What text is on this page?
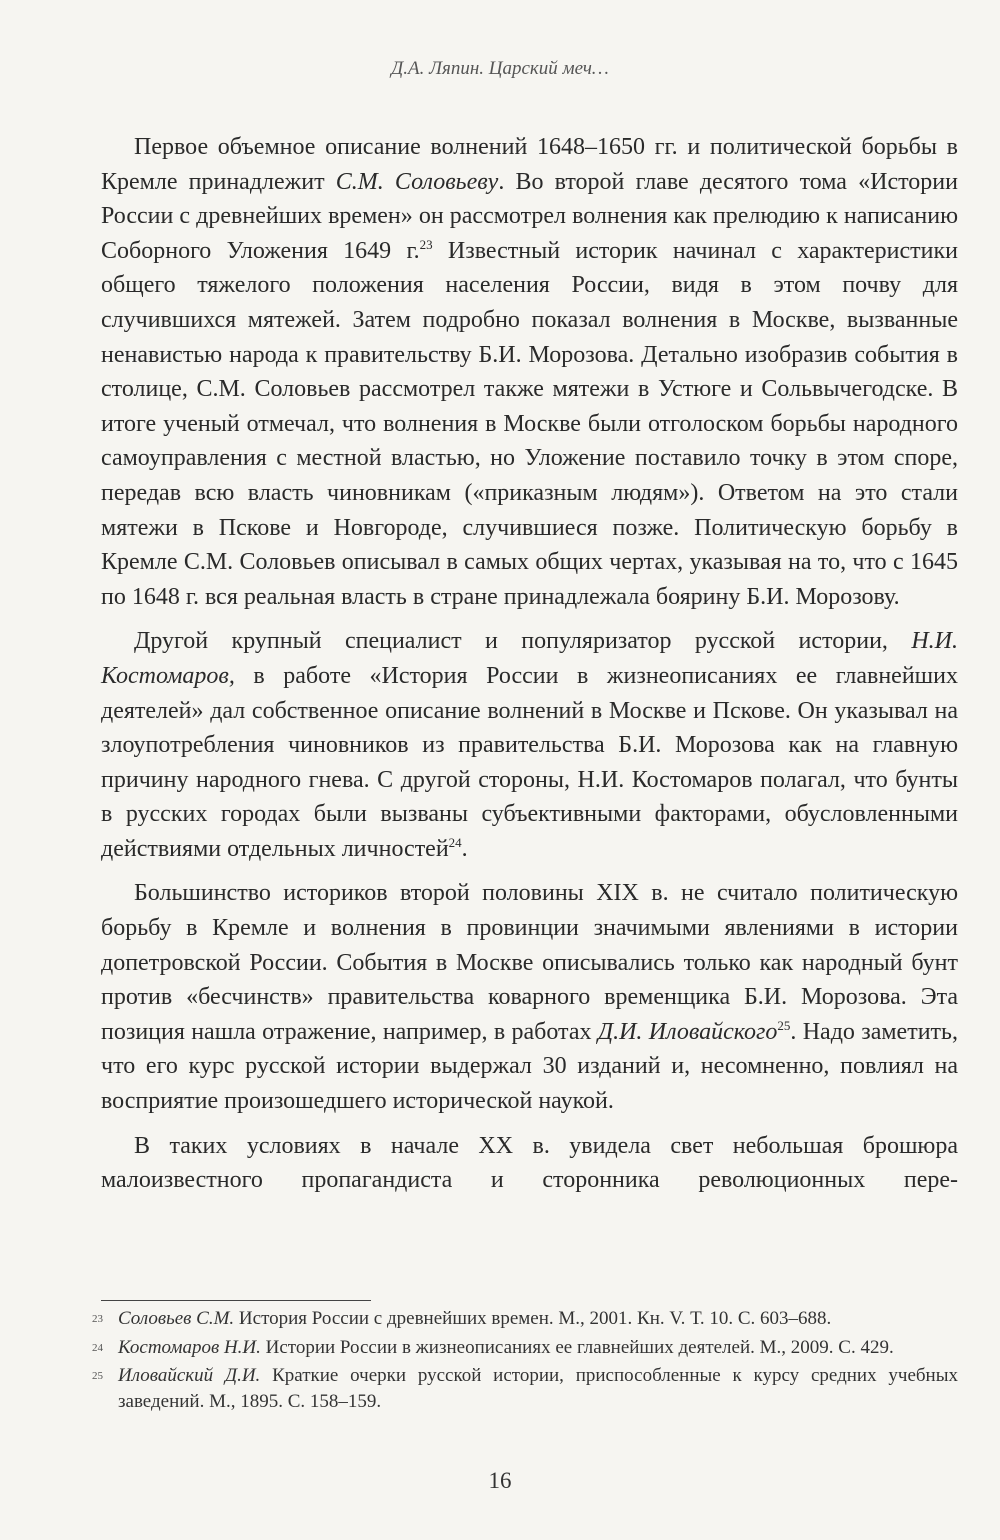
Д.А. Ляпин. Царский меч…

Первое объемное описание волнений 1648–1650 гг. и политической борьбы в Кремле принадлежит С.М. Соловьеву. Во второй главе десятого тома «Истории России с древнейших времен» он рассмотрел волнения как прелюдию к написанию Соборного Уложения 1649 г.$^{23}$ Известный историк начинал с характеристики общего тяжелого положения населения России, видя в этом почву для случившихся мятежей. Затем подробно показал волнения в Москве, вызванные ненавистью народа к правительству Б.И. Морозова. Детально изобразив события в столице, С.М. Соловьев рассмотрел также мятежи в Устюге и Сольвычегодске. В итоге ученый отмечал, что волнения в Москве были отголоском борьбы народного самоуправления с местной властью, но Уложение поставило точку в этом споре, передав всю власть чиновникам («приказным людям»). Ответом на это стали мятежи в Пскове и Новгороде, случившиеся позже. Политическую борьбу в Кремле С.М. Соловьев описывал в самых общих чертах, указывая на то, что с 1645 по 1648 г. вся реальная власть в стране принадлежала боярину Б.И. Морозову.

Другой крупный специалист и популяризатор русской истории, Н.И. Костомаров, в работе «История России в жизнеописаниях ее главнейших деятелей» дал собственное описание волнений в Москве и Пскове. Он указывал на злоупотребления чиновников из правительства Б.И. Морозова как на главную причину народного гнева. С другой стороны, Н.И. Костомаров полагал, что бунты в русских городах были вызваны субъективными факторами, обусловленными действиями отдельных личностей$^{24}$.

Большинство историков второй половины XIX в. не считало политическую борьбу в Кремле и волнения в провинции значимыми явлениями в истории допетровской России. События в Москве описывались только как народный бунт против «бесчинств» правительства коварного временщика Б.И. Морозова. Эта позиция нашла отражение, например, в работах Д.И. Иловайского$^{25}$. Надо заметить, что его курс русской истории выдержал 30 изданий и, несомненно, повлиял на восприятие произошедшего исторической наукой.

В таких условиях в начале XX в. увидела свет небольшая брошюра малоизвестного пропагандиста и сторонника революционных пере-

23 Соловьев С.М. История России с древнейших времен. М., 2001. Кн. V. Т. 10. С. 603–688.
24 Костомаров Н.И. Истории России в жизнеописаниях ее главнейших деятелей. М., 2009. С. 429.
25 Иловайский Д.И. Краткие очерки русской истории, приспособленные к курсу средних учебных заведений. М., 1895. С. 158–159.
16
